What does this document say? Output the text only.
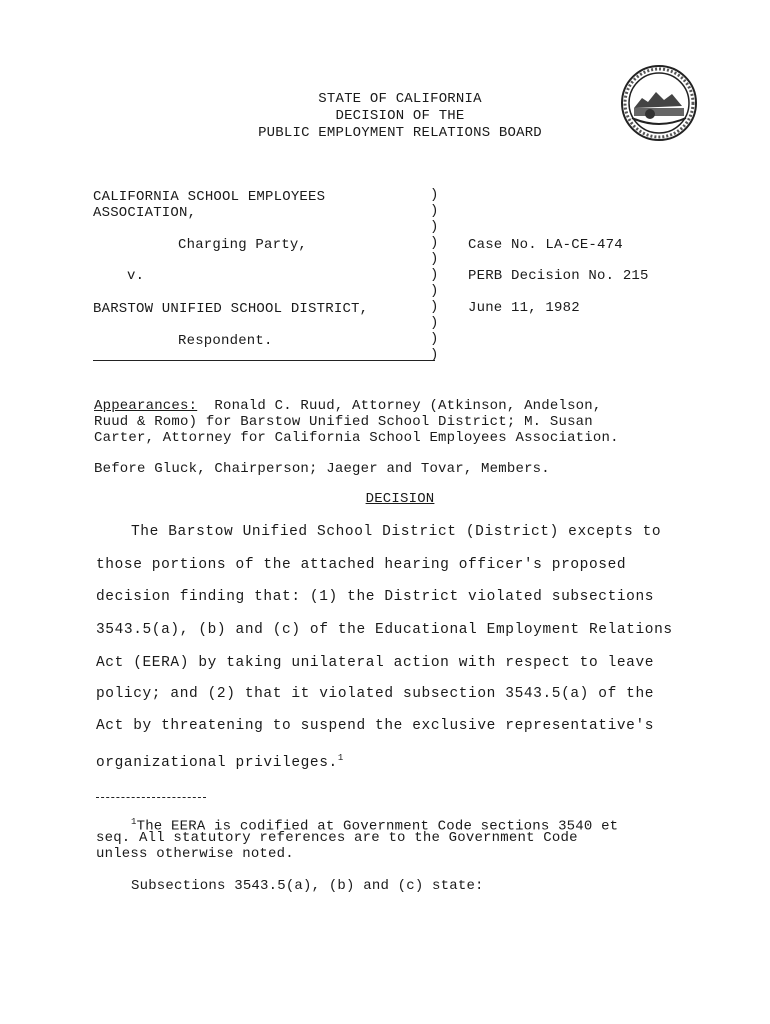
STATE OF CALIFORNIA
DECISION OF THE
PUBLIC EMPLOYMENT RELATIONS BOARD
CALIFORNIA SCHOOL EMPLOYEES
ASSOCIATION,
Charging Party,
v.
BARSTOW UNIFIED SCHOOL DISTRICT,
Respondent.
)
)
)
)
)
)
)
)
)
)
)
Case No. LA-CE-474
PERB Decision No. 215
June 11, 1982
Appearances: Ronald C. Ruud, Attorney (Atkinson, Andelson,
Ruud & Romo) for Barstow Unified School District; M. Susan
Carter, Attorney for California School Employees Association.
Before Gluck, Chairperson; Jaeger and Tovar, Members.
DECISION
The Barstow Unified School District (District) excepts to
those portions of the attached hearing officer's proposed
decision finding that: (1) the District violated subsections
3543.5(a), (b) and (c) of the Educational Employment Relations
Act (EERA) by taking unilateral action with respect to leave
policy; and (2) that it violated subsection 3543.5(a) of the
Act by threatening to suspend the exclusive representative's
organizational privileges.$^1$
$^1$The EERA is codified at Government Code sections 3540 et
seq. All statutory references are to the Government Code
unless otherwise noted.
Subsections 3543.5(a), (b) and (c) state:
